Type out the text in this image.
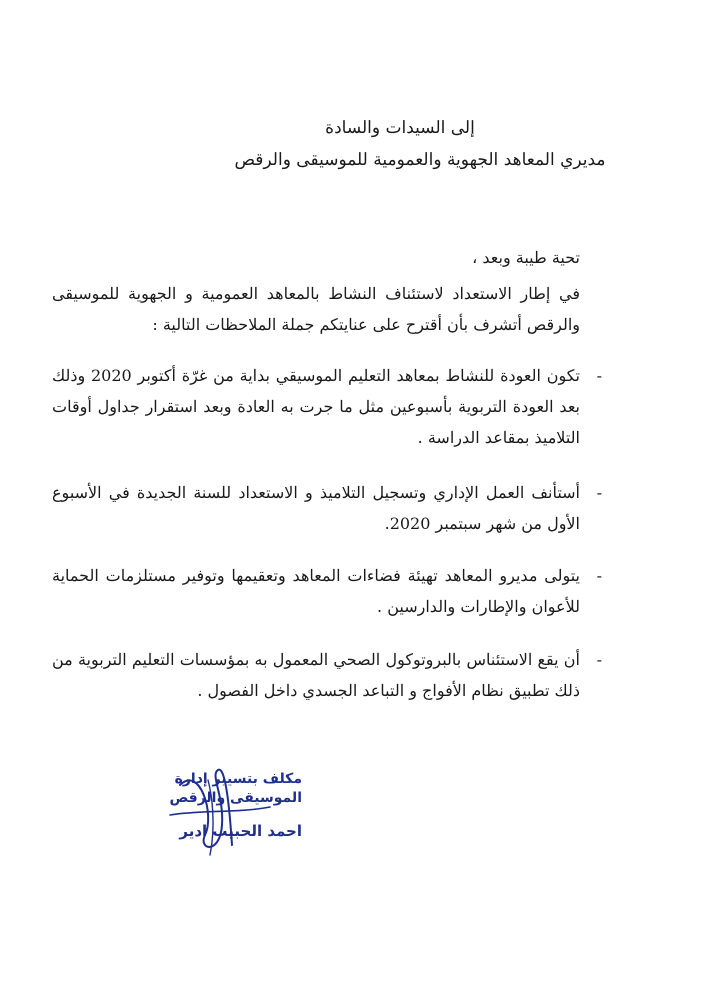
إلى السيدات والسادة
مديري المعاهد الجهوية والعمومية للموسيقى والرقص
تحية طيبة وبعد ،
في إطار الاستعداد لاستئناف النشاط بالمعاهد العمومية و الجهوية للموسيقى والرقص أتشرف بأن أقترح على عنايتكم جملة الملاحظات التالية :
-
تكون العودة للنشاط بمعاهد التعليم الموسيقي بداية من غرّة أكتوبر 2020 وذلك بعد العودة التربوية بأسبوعين مثل ما جرت به العادة وبعد استقرار جداول أوقات التلاميذ بمقاعد الدراسة .
-
أستأنف العمل الإداري وتسجيل التلاميذ و الاستعداد للسنة الجديدة في الأسبوع الأول من شهر سبتمبر 2020.
-
يتولى مديرو المعاهد تهيئة فضاءات المعاهد وتعقيمها وتوفير مستلزمات الحماية للأعوان والإطارات والدارسين .
-
أن يقع الاستئناس بالبروتوكول الصحي المعمول به بمؤسسات التعليم التربوية من ذلك تطبيق نظام الأفواج و التباعد الجسدي داخل الفصول .
مكلف بتسيير إدارة
الموسيقى والرقص
احمد الحبيب ادير
